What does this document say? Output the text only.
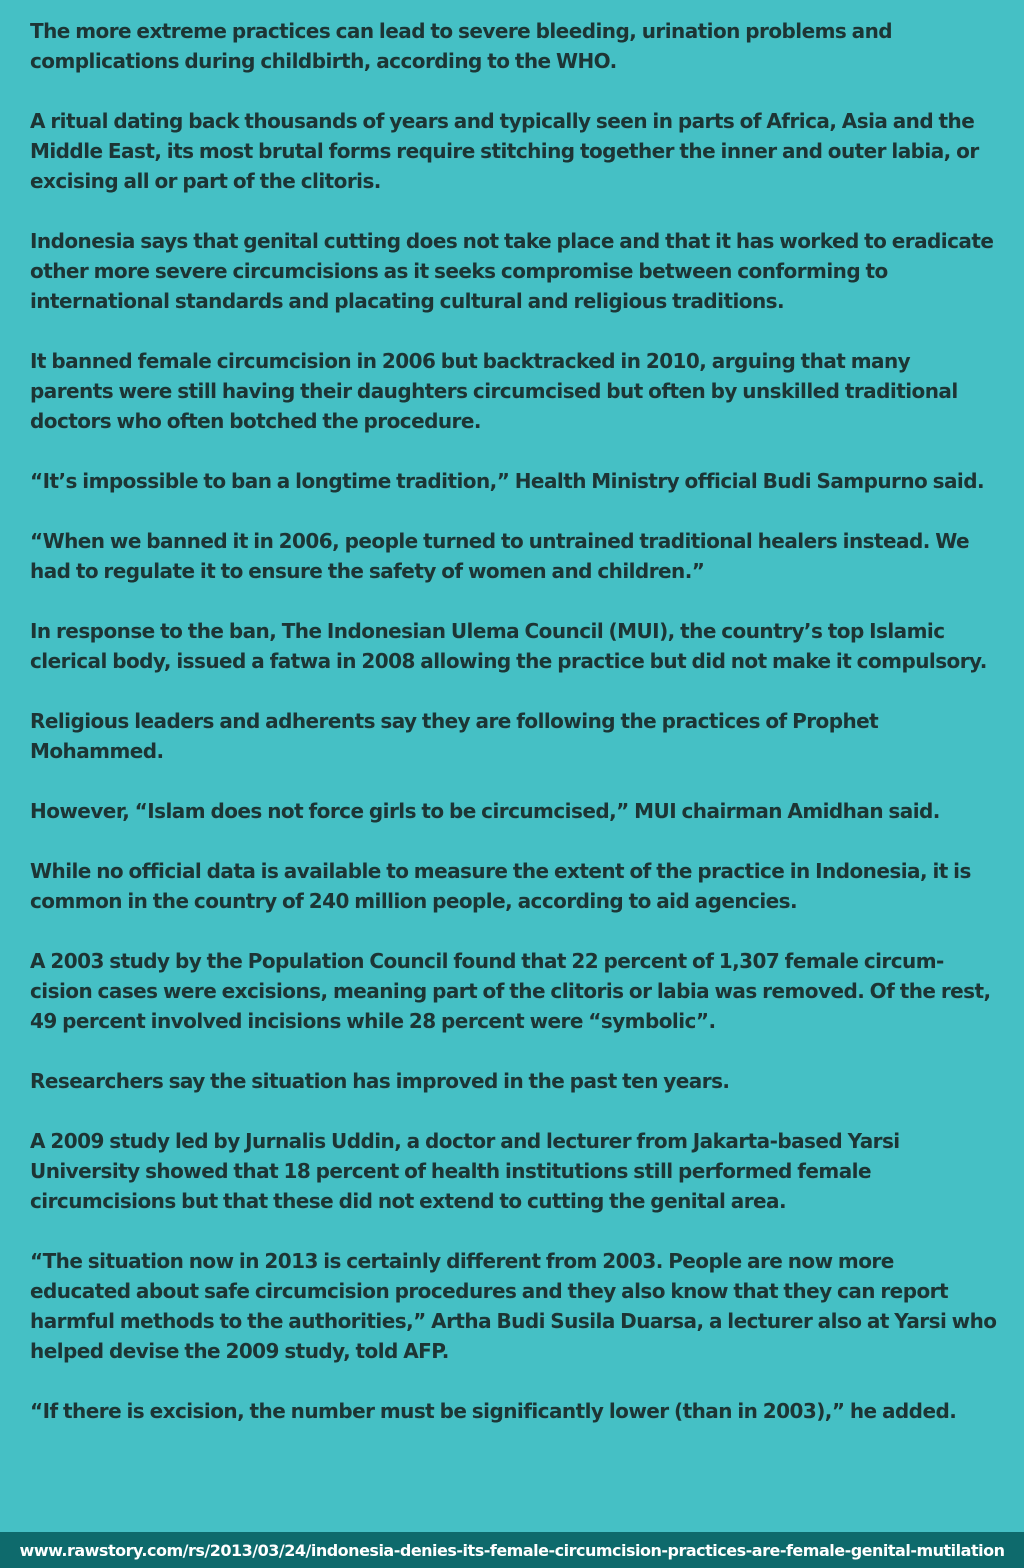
The more extreme practices can lead to severe bleeding, urination problems and complications during childbirth, according to the WHO.

A ritual dating back thousands of years and typically seen in parts of Africa, Asia and the Middle East, its most brutal forms require stitching together the inner and outer labia, or excising all or part of the clitoris.

Indonesia says that genital cutting does not take place and that it has worked to eradicate other more severe circumcisions as it seeks compromise between conforming to international standards and placating cultural and religious traditions.

It banned female circumcision in 2006 but backtracked in 2010, arguing that many parents were still having their daughters circumcised but often by unskilled traditional doctors who often botched the procedure.

“It’s impossible to ban a longtime tradition,” Health Ministry official Budi Sampurno said.

“When we banned it in 2006, people turned to untrained traditional healers instead. We had to regulate it to ensure the safety of women and children.”

In response to the ban, The Indonesian Ulema Council (MUI), the country’s top Islamic clerical body, issued a fatwa in 2008 allowing the practice but did not make it compulsory.

Religious leaders and adherents say they are following the practices of Prophet Mohammed.

However, “Islam does not force girls to be circumcised,” MUI chairman Amidhan said.

While no official data is available to measure the extent of the practice in Indonesia, it is common in the country of 240 million people, according to aid agencies.

A 2003 study by the Population Council found that 22 percent of 1,307 female circumcision cases were excisions, meaning part of the clitoris or labia was removed. Of the rest, 49 percent involved incisions while 28 percent were “symbolic”.

Researchers say the situation has improved in the past ten years.

A 2009 study led by Jurnalis Uddin, a doctor and lecturer from Jakarta-based Yarsi University showed that 18 percent of health institutions still performed female circumcisions but that these did not extend to cutting the genital area.

“The situation now in 2013 is certainly different from 2003. People are now more educated about safe circumcision procedures and they also know that they can report harmful methods to the authorities,” Artha Budi Susila Duarsa, a lecturer also at Yarsi who helped devise the 2009 study, told AFP.

“If there is excision, the number must be significantly lower (than in 2003),” he added.

www.rawstory.com/rs/2013/03/24/indonesia-denies-its-female-circumcision-practices-are-female-genital-mutilation
